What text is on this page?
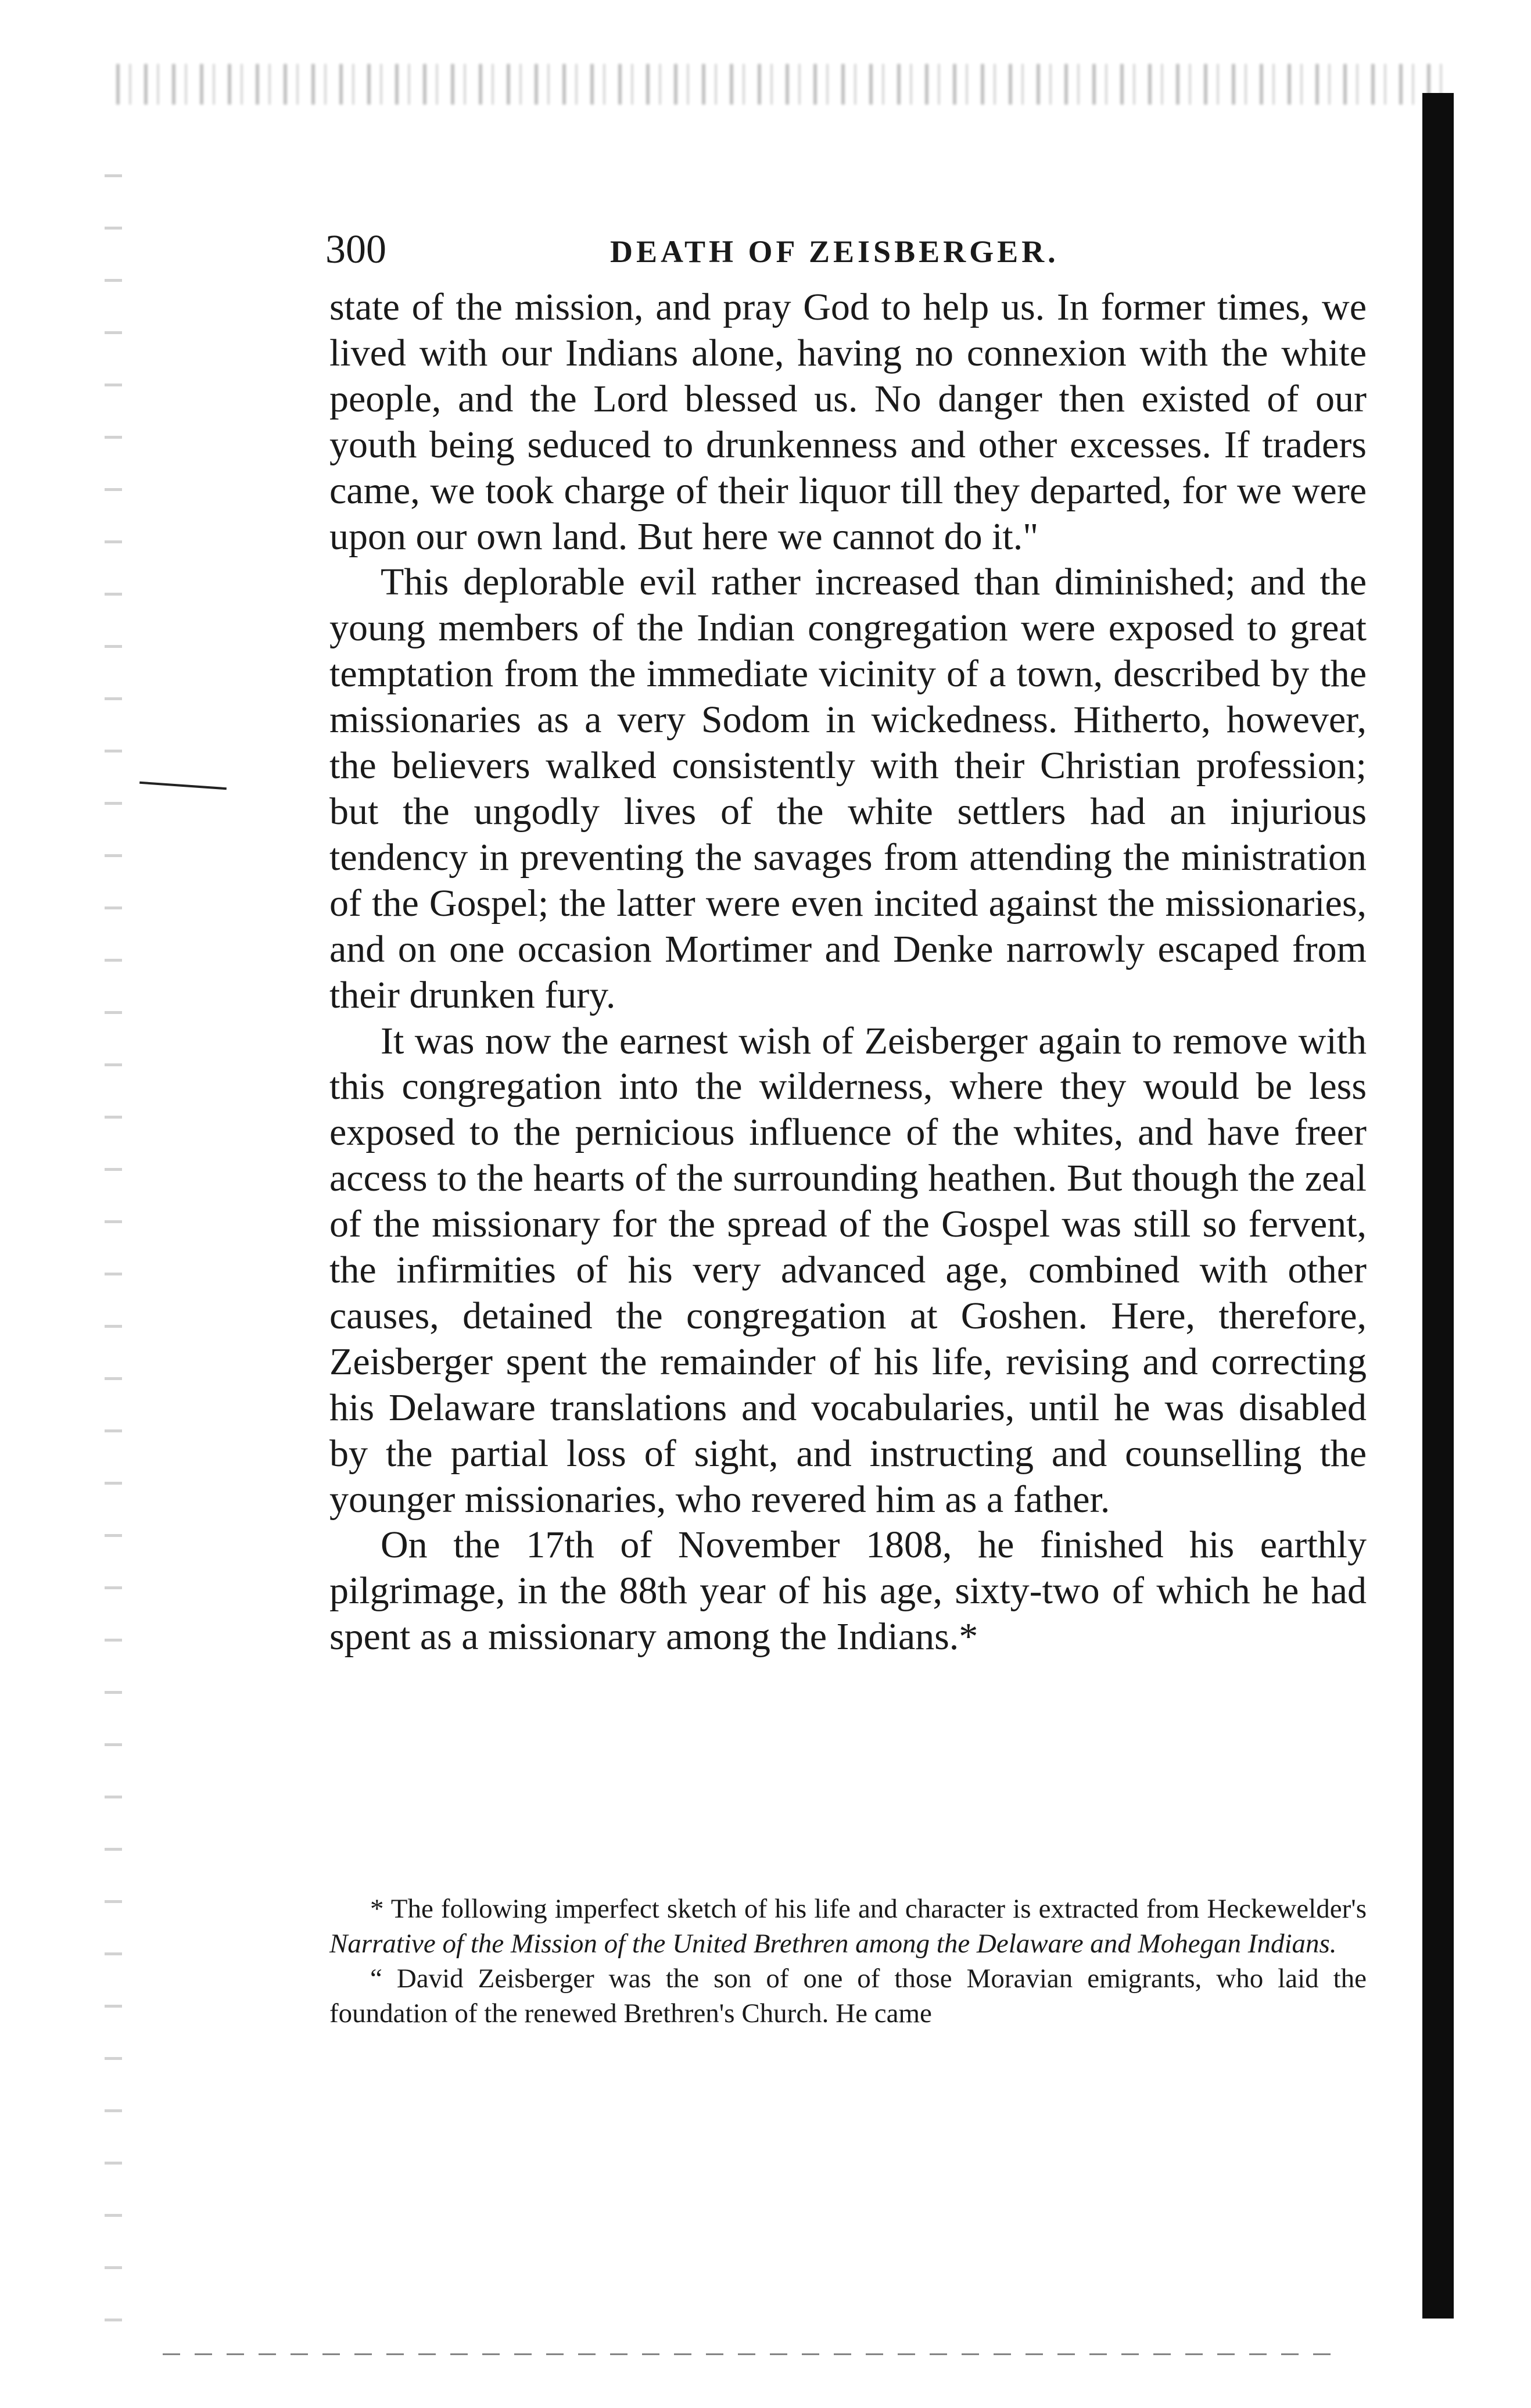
300	DEATH OF ZEISBERGER.

state of the mission, and pray God to help us. In former times, we lived with our Indians alone, having no connexion with the white people, and the Lord blessed us. No danger then existed of our youth being seduced to drunkenness and other excesses. If traders came, we took charge of their liquor till they departed, for we were upon our own land. But here we cannot do it."

This deplorable evil rather increased than diminished; and the young members of the Indian congregation were exposed to great temptation from the immediate vicinity of a town, described by the missionaries as a very Sodom in wickedness. Hitherto, however, the believers walked consistently with their Christian profession; but the ungodly lives of the white settlers had an injurious tendency in preventing the savages from attending the ministration of the Gospel; the latter were even incited against the missionaries, and on one occasion Mortimer and Denke narrowly escaped from their drunken fury.

It was now the earnest wish of Zeisberger again to remove with this congregation into the wilderness, where they would be less exposed to the pernicious influence of the whites, and have freer access to the hearts of the surrounding heathen. But though the zeal of the missionary for the spread of the Gospel was still so fervent, the infirmities of his very advanced age, combined with other causes, detained the congregation at Goshen. Here, therefore, Zeisberger spent the remainder of his life, revising and correcting his Delaware translations and vocabularies, until he was disabled by the partial loss of sight, and instructing and counselling the younger missionaries, who revered him as a father.

On the 17th of November 1808, he finished his earthly pilgrimage, in the 88th year of his age, sixty-two of which he had spent as a missionary among the Indians.*

* The following imperfect sketch of his life and character is extracted from Heckewelder's Narrative of the Mission of the United Brethren among the Delaware and Mohegan Indians.

“ David Zeisberger was the son of one of those Moravian emigrants, who laid the foundation of the renewed Brethren's Church. He came
